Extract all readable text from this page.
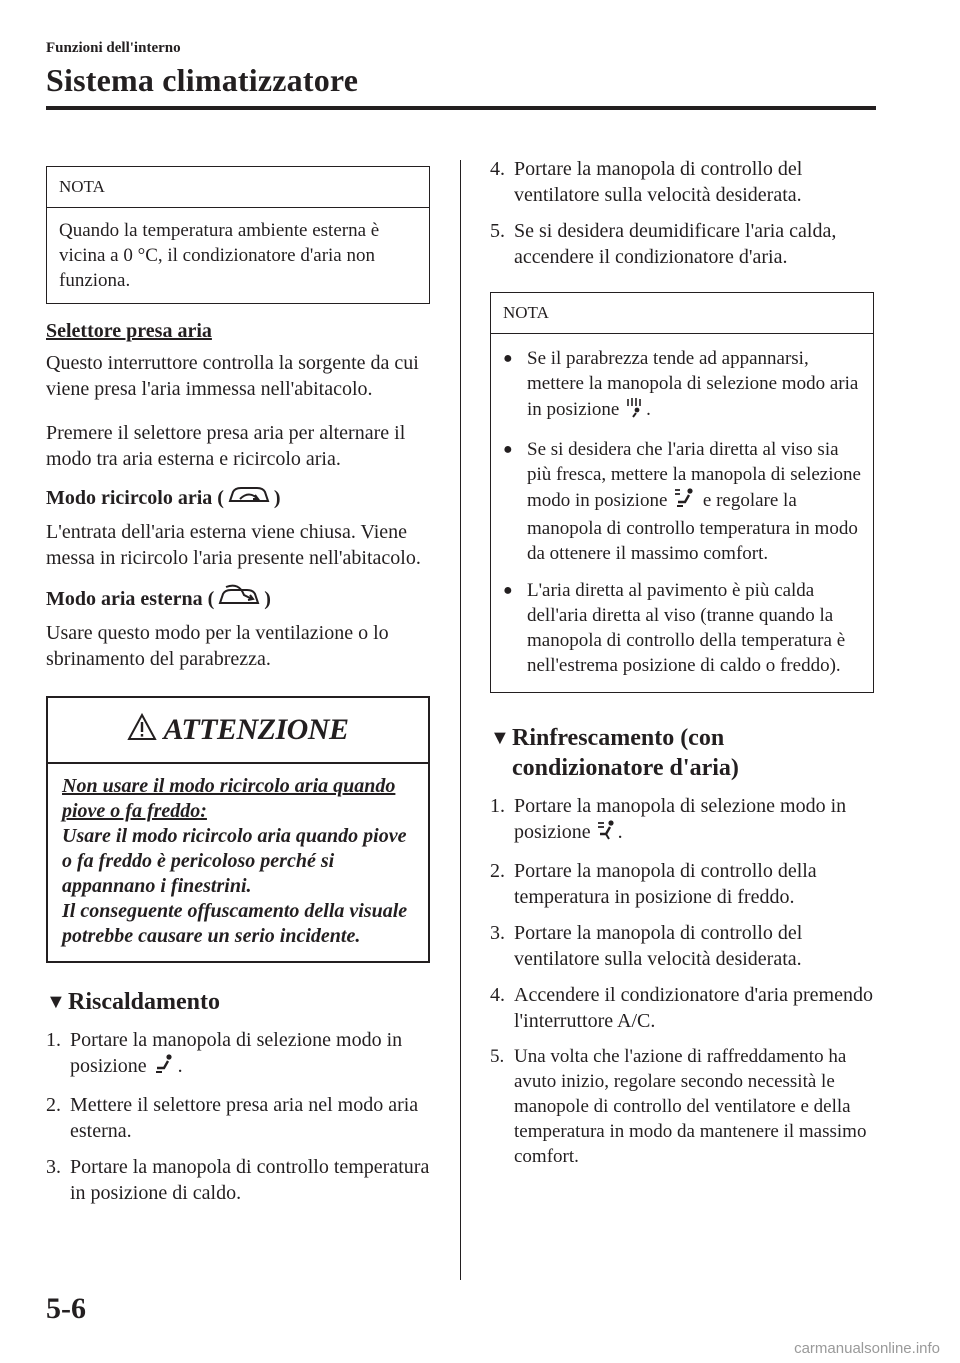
Funzioni dell'interno
Sistema climatizzatore
NOTA
Quando la temperatura ambiente esterna è vicina a 0 °C, il condizionatore d'aria non funziona.
Selettore presa aria

Questo interruttore controlla la sorgente da cui viene presa l'aria immessa nell'abitacolo.

Premere il selettore presa aria per alternare il modo tra aria esterna e ricircolo aria.

Modo ricircolo aria (	)

L'entrata dell'aria esterna viene chiusa. Viene messa in ricircolo l'aria presente nell'abitacolo.

Modo aria esterna (	)

Usare questo modo per la ventilazione o lo sbrinamento del parabrezza.

ATTENZIONE
Non usare il modo ricircolo aria quando piove o fa freddo:
Usare il modo ricircolo aria quando piove o fa freddo è pericoloso perché si appannano i finestrini.
Il conseguente offuscamento della visuale potrebbe causare un serio incidente.
▼ Riscaldamento
1. Portare la manopola di selezione modo in posizione .
2. Mettere il selettore presa aria nel modo aria esterna.
3. Portare la manopola di controllo temperatura in posizione di caldo.
4. Portare la manopola di controllo del ventilatore sulla velocità desiderata.
5. Se si desidera deumidificare l'aria calda, accendere il condizionatore d'aria.
NOTA
● Se il parabrezza tende ad appannarsi, mettere la manopola di selezione modo aria in posizione .
● Se si desidera che l'aria diretta al viso sia più fresca, mettere la manopola di selezione modo in posizione e regolare la manopola di controllo temperatura in modo da ottenere il massimo comfort.
● L'aria diretta al pavimento è più calda dell'aria diretta al viso (tranne quando la manopola di controllo della temperatura è nell'estrema posizione di caldo o freddo).
▼ Rinfrescamento (con
condizionatore d'aria)
1. Portare la manopola di selezione modo in posizione .
2. Portare la manopola di controllo della temperatura in posizione di freddo.
3. Portare la manopola di controllo del ventilatore sulla velocità desiderata.
4. Accendere il condizionatore d'aria premendo l'interruttore A/C.
5. Una volta che l'azione di raffreddamento ha avuto inizio, regolare secondo necessità le manopole di controllo del ventilatore e della temperatura in modo da mantenere il massimo comfort.
5-6
carmanualsonline.info
